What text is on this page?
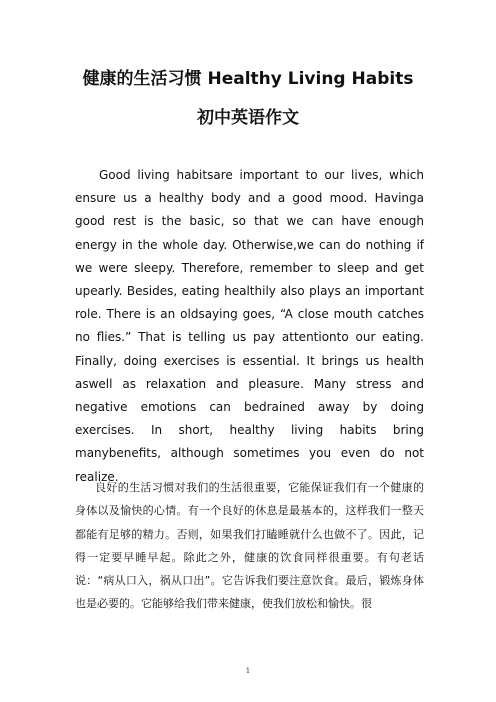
健康的生活习惯 Healthy Living Habits
初中英语作文

Good living habitsare important to our lives, which ensure us a healthy body and a good mood. Havinga good rest is the basic, so that we can have enough energy in the whole day. Otherwise,we can do nothing if we were sleepy. Therefore, remember to sleep and get upearly. Besides, eating healthily also plays an important role. There is an oldsaying goes, “A close mouth catches no flies.” That is telling us pay attentionto our eating. Finally, doing exercises is essential. It brings us health aswell as relaxation and pleasure. Many stress and negative emotions can bedrained away by doing exercises. In short, healthy living habits bring manybenefits, although sometimes you even do not realize.

良好的生活习惯对我们的生活很重要，它能保证我们有一个健康的身体以及愉快的心情。有一个良好的休息是最基本的，这样我们一整天都能有足够的精力。否则，如果我们打瞌睡就什么也做不了。因此，记得一定要早睡早起。除此之外，健康的饮食同样很重要。有句老话说：“病从口入，祸从口出”。它告诉我们要注意饮食。最后，锻炼身体也是必要的。它能够给我们带来健康，使我们放松和愉快。很

1
